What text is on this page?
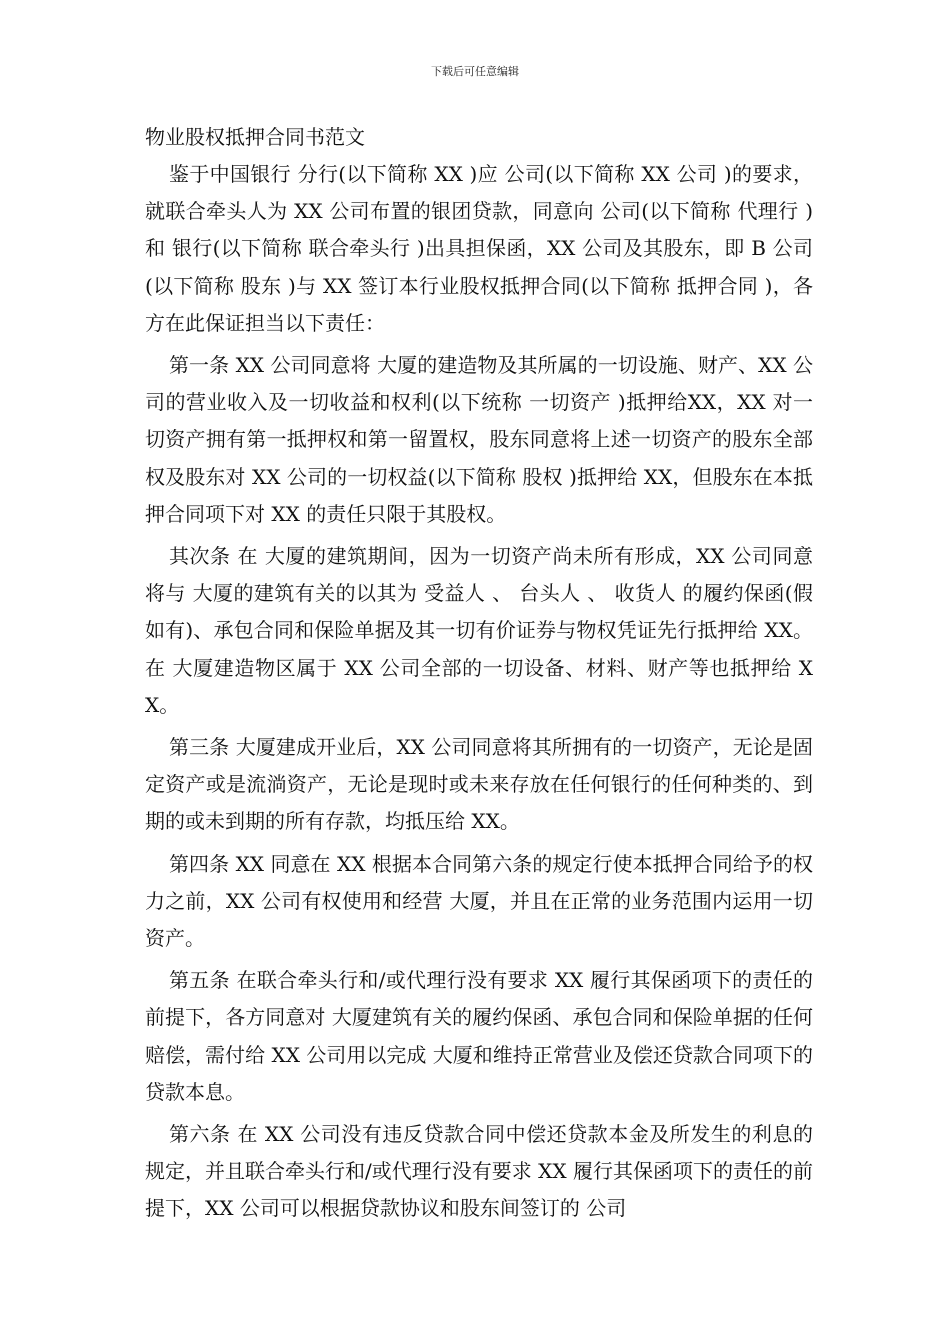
下载后可任意编辑
物业股权抵押合同书范文

鉴于中国银行 分行(以下简称 XX )应 公司(以下简称 XX 公司 )的要求，就联合牵头人为 XX 公司布置的银团贷款，同意向 公司(以下简称 代理行 )和 银行(以下简称 联合牵头行 )出具担保函，XX 公司及其股东，即 B 公司(以下简称 股东 )与 XX 签订本行业股权抵押合同(以下简称 抵押合同 )，各方在此保证担当以下责任：

第一条 XX 公司同意将 大厦的建造物及其所属的一切设施、财产、XX 公司的营业收入及一切收益和权利(以下统称 一切资产 )抵押给XX，XX 对一切资产拥有第一抵押权和第一留置权，股东同意将上述一切资产的股东全部权及股东对 XX 公司的一切权益(以下简称 股权 )抵押给 XX，但股东在本抵押合同项下对 XX 的责任只限于其股权。

其次条 在 大厦的建筑期间，因为一切资产尚未所有形成，XX 公司同意将与 大厦的建筑有关的以其为 受益人 、 台头人 、 收货人 的履约保函(假如有)、承包合同和保险单据及其一切有价证券与物权凭证先行抵押给 XX。在 大厦建造物区属于 XX 公司全部的一切设备、材料、财产等也抵押给 XX。

第三条 大厦建成开业后，XX 公司同意将其所拥有的一切资产，无论是固定资产或是流淌资产，无论是现时或未来存放在任何银行的任何种类的、到期的或未到期的所有存款，均抵压给 XX。

第四条 XX 同意在 XX 根据本合同第六条的规定行使本抵押合同给予的权力之前，XX 公司有权使用和经营 大厦，并且在正常的业务范围内运用一切资产。

第五条 在联合牵头行和/或代理行没有要求 XX 履行其保函项下的责任的前提下，各方同意对 大厦建筑有关的履约保函、承包合同和保险单据的任何赔偿，需付给 XX 公司用以完成 大厦和维持正常营业及偿还贷款合同项下的贷款本息。

第六条 在 XX 公司没有违反贷款合同中偿还贷款本金及所发生的利息的规定，并且联合牵头行和/或代理行没有要求 XX 履行其保函项下的责任的前提下，XX 公司可以根据贷款协议和股东间签订的 公司
